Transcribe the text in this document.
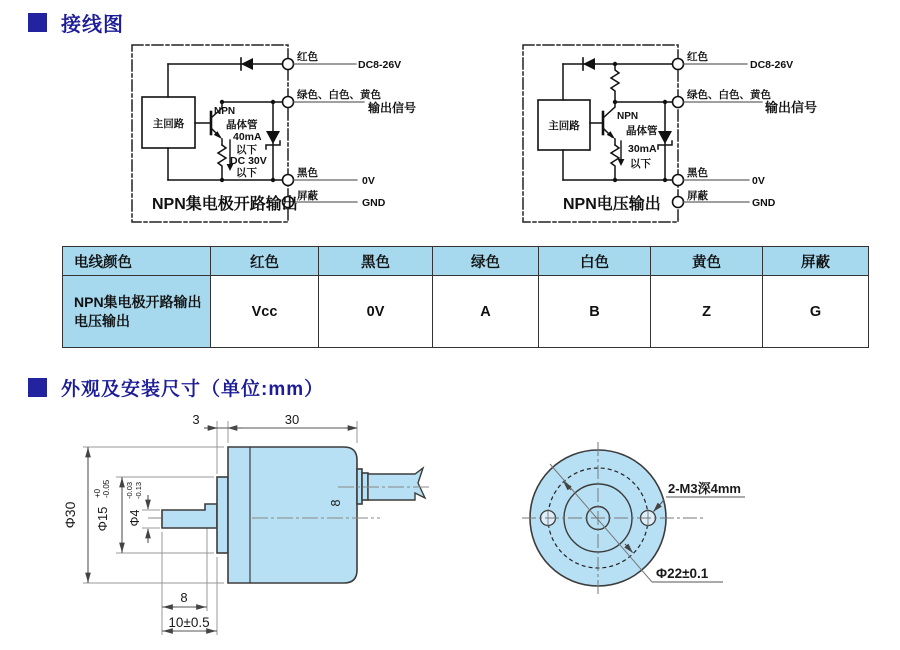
接线图
主回路
红色
DC8-26V
绿色、白色、黄色
输出信号
黑色
0V
屏蔽
GND
NPN
晶体管
40mA
以下
DC 30V
以下
NPN集电极开路输出
主回路
红色
DC8-26V
绿色、白色、黄色
输出信号
黑色
0V
屏蔽
GND
NPN
晶体管
30mA
以下
NPN电压输出
电线颜色	红色	黑色	绿色	白色	黄色	屏蔽

NPN集电极开路输出
电压输出	Vcc	0V	A	B	Z	G
外观及安装尺寸（单位:mm）
3	30
Φ30 Φ15
+0 -0.05
Φ4
-0.03 -0.13
8
10±0.5
8
Φ22±0.1
2-M3深4mm
